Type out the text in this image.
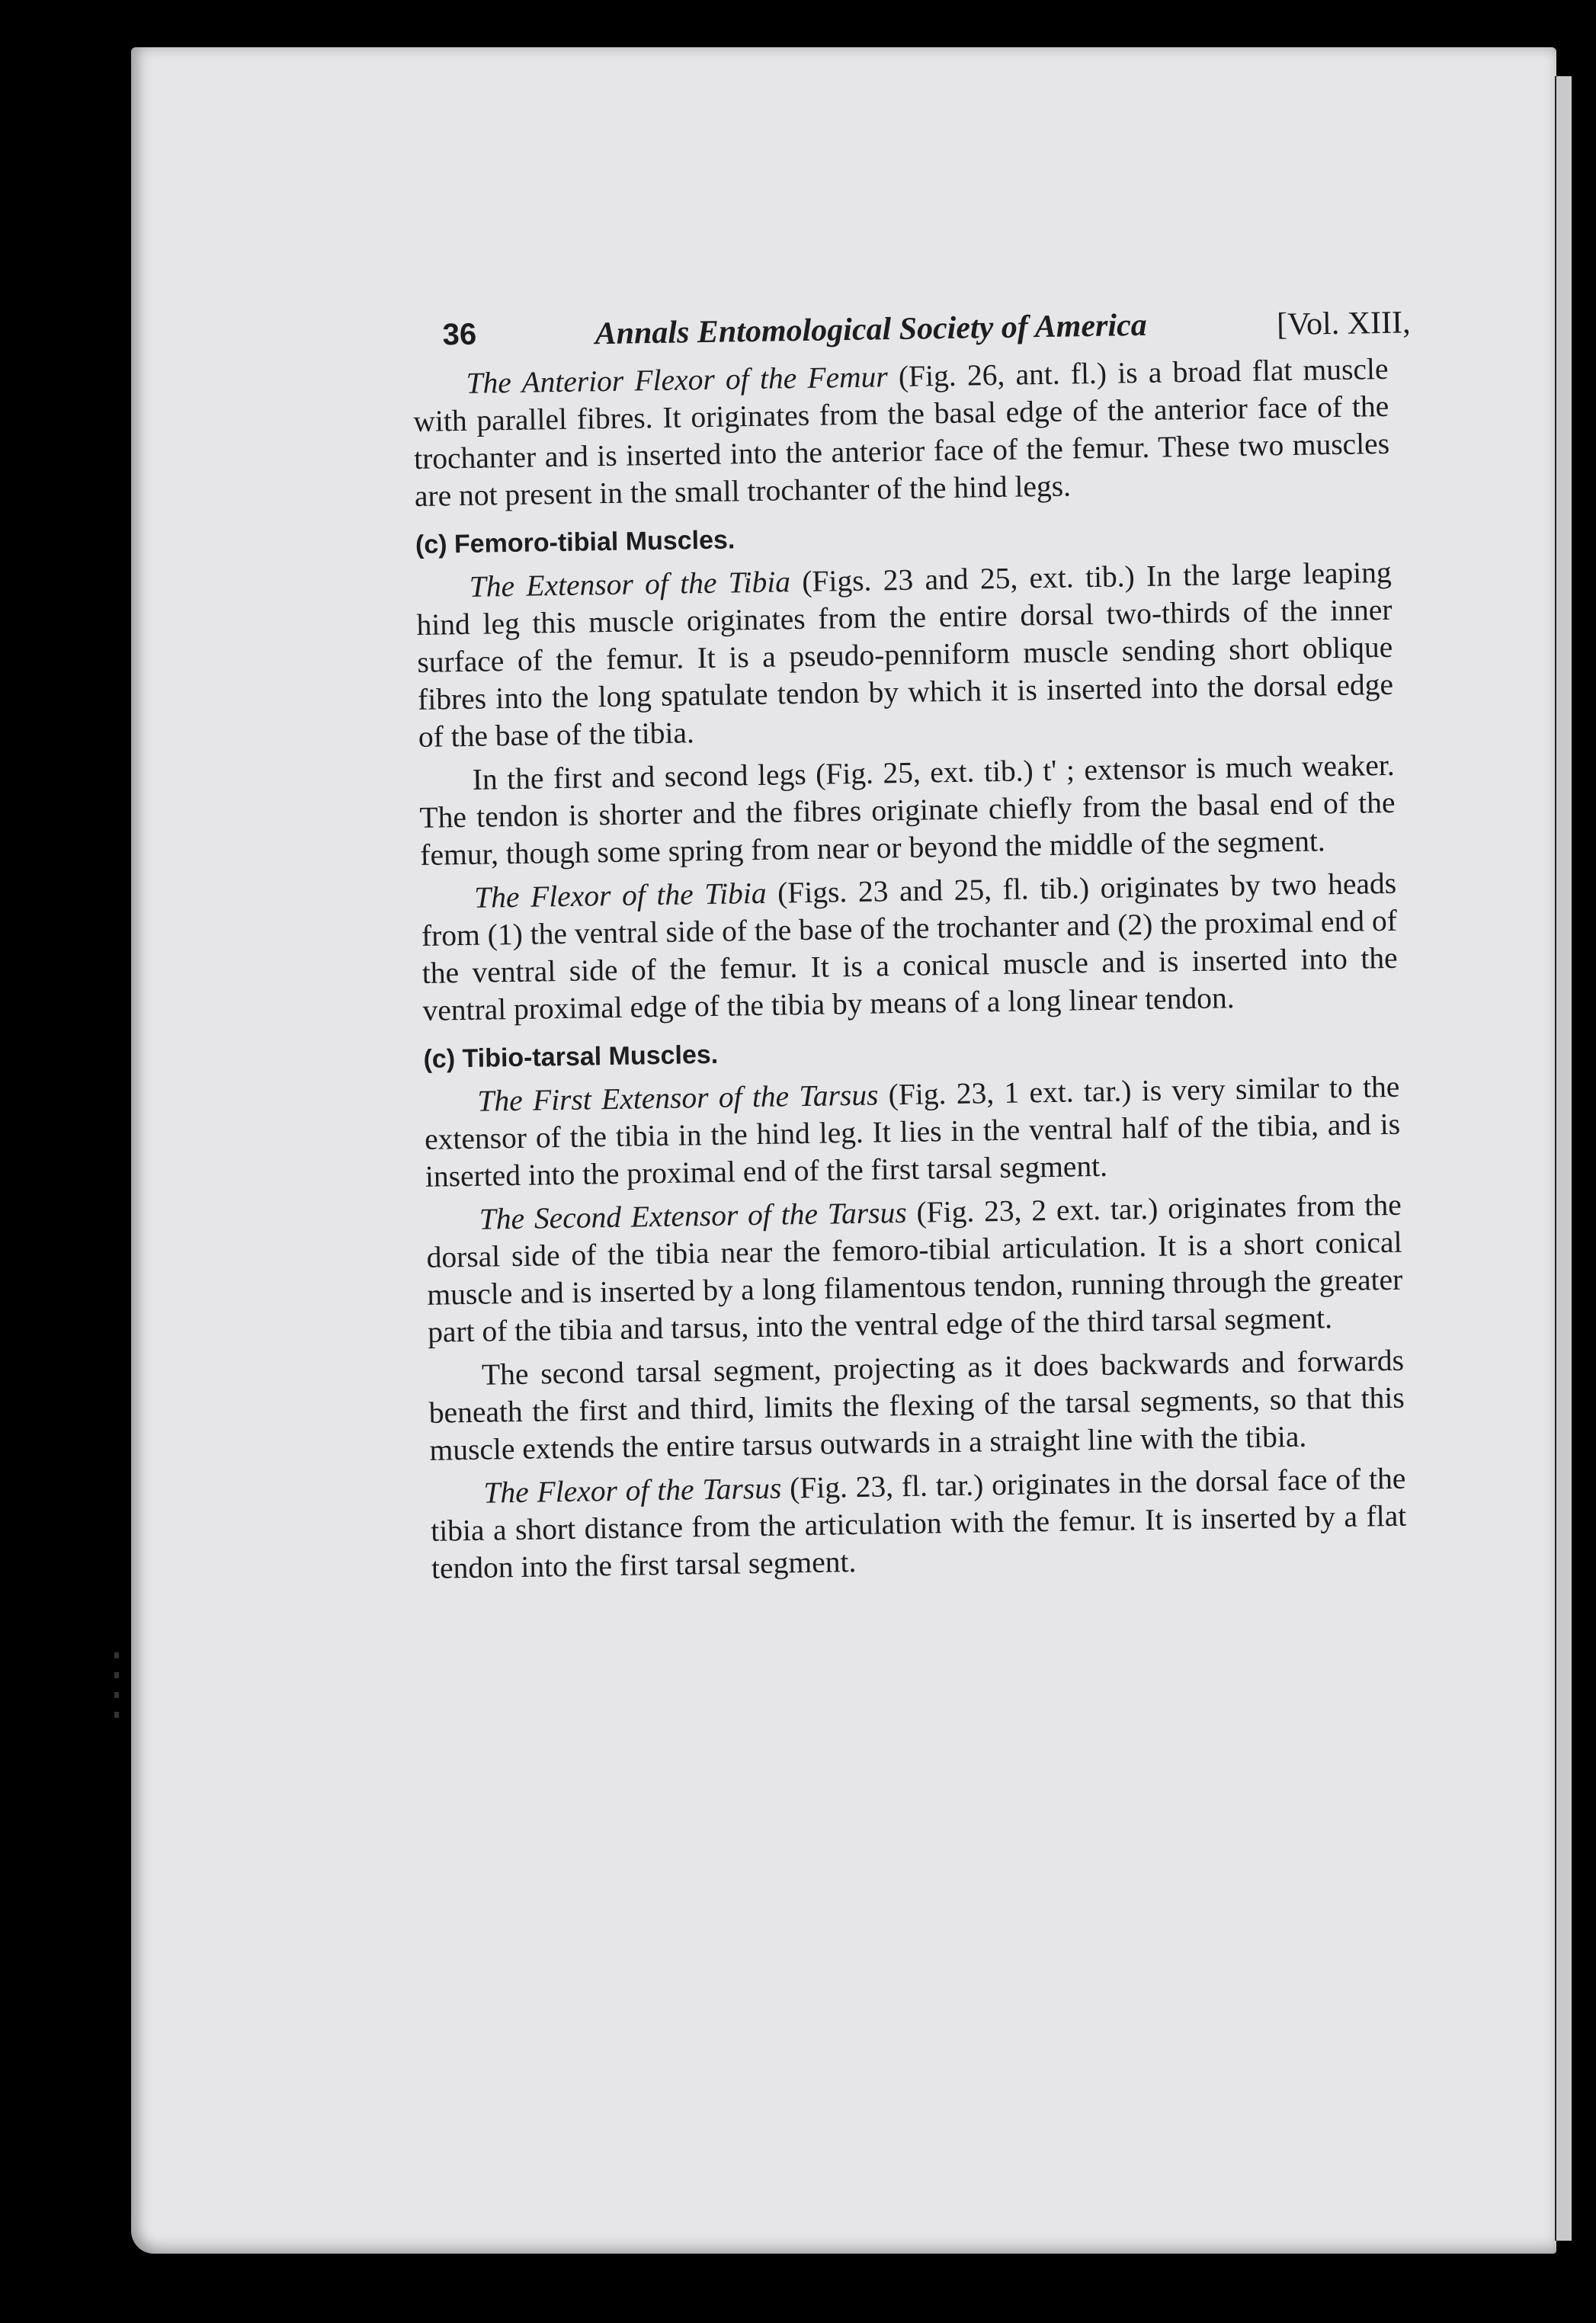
36	Annals Entomological Society of America	[Vol. XIII,

The Anterior Flexor of the Femur (Fig. 26, ant. fl.) is a broad flat muscle with parallel fibres. It originates from the basal edge of the anterior face of the trochanter and is inserted into the anterior face of the femur. These two muscles are not present in the small trochanter of the hind legs.

(c) Femoro-tibial Muscles.

The Extensor of the Tibia (Figs. 23 and 25, ext. tib.) In the large leaping hind leg this muscle originates from the entire dorsal two-thirds of the inner surface of the femur. It is a pseudo-penniform muscle sending short oblique fibres into the long spatulate tendon by which it is inserted into the dorsal edge of the base of the tibia.

In the first and second legs (Fig. 25, ext. tib.) t' ; extensor is much weaker. The tendon is shorter and the fibres originate chiefly from the basal end of the femur, though some spring from near or beyond the middle of the segment.

The Flexor of the Tibia (Figs. 23 and 25, fl. tib.) originates by two heads from (1) the ventral side of the base of the trochanter and (2) the proximal end of the ventral side of the femur. It is a conical muscle and is inserted into the ventral proximal edge of the tibia by means of a long linear tendon.

(c) Tibio-tarsal Muscles.

The First Extensor of the Tarsus (Fig. 23, 1 ext. tar.) is very similar to the extensor of the tibia in the hind leg. It lies in the ventral half of the tibia, and is inserted into the proximal end of the first tarsal segment.

The Second Extensor of the Tarsus (Fig. 23, 2 ext. tar.) originates from the dorsal side of the tibia near the femoro-tibial articulation. It is a short conical muscle and is inserted by a long filamentous tendon, running through the greater part of the tibia and tarsus, into the ventral edge of the third tarsal segment.

The second tarsal segment, projecting as it does backwards and forwards beneath the first and third, limits the flexing of the tarsal segments, so that this muscle extends the entire tarsus outwards in a straight line with the tibia.

The Flexor of the Tarsus (Fig. 23, fl. tar.) originates in the dorsal face of the tibia a short distance from the articulation with the femur. It is inserted by a flat tendon into the first tarsal segment.
